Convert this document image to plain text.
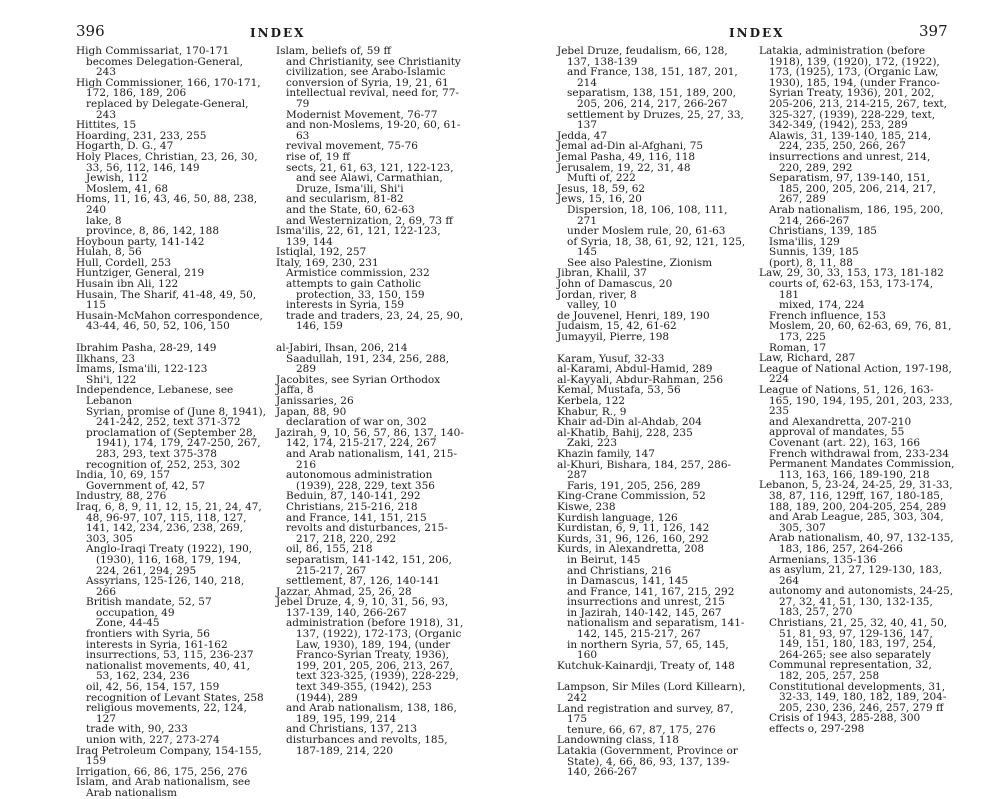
396	INDEX

High Commissariat, 170-171

becomes Delegation-General, 243

High Commissioner, 166, 170-171, 172, 186, 189, 206

replaced by Delegate-General, 243

Hittites, 15

Hoarding, 231, 233, 255

Hogarth, D. G., 47

Holy Places, Christian, 23, 26, 30, 33, 56, 112, 146, 149

Jewish, 112

Moslem, 41, 68

Homs, 11, 16, 43, 46, 50, 88, 238, 240

lake, 8

province, 8, 86, 142, 188

Hoyboun party, 141-142

Hulah, 8, 56

Hull, Cordell, 253

Huntziger, General, 219

Husain ibn Ali, 122

Husain, The Sharif, 41-48, 49, 50, 115

Husain-McMahon correspondence, 43-44, 46, 50, 52, 106, 150

Ibrahim Pasha, 28-29, 149

Ilkhans, 23

Imams, Isma'ili, 122-123

Shi'i, 122

Independence, Lebanese, see Lebanon

Syrian, promise of (June 8, 1941), 241-242, 252, text 371-372

proclamation of (September 28, 1941), 174, 179, 247-250, 267, 283, 293, text 375-378

recognition of, 252, 253, 302

India, 10, 69, 157

Government of, 42, 57

Industry, 88, 276

Iraq, 6, 8, 9, 11, 12, 15, 21, 24, 47, 48, 96-97, 107, 115, 118, 127, 141, 142, 234, 236, 238, 269, 303, 305

Anglo-Iraqi Treaty (1922), 190, (1930), 116, 168, 179, 194, 224, 261, 294, 295

Assyrians, 125-126, 140, 218, 266

British mandate, 52, 57

occupation, 49

Zone, 44-45

frontiers with Syria, 56

interests in Syria, 161-162

insurrections, 53, 115, 236-237

nationalist movements, 40, 41, 53, 162, 234, 236

oil, 42, 56, 154, 157, 159

recognition of Levant States, 258

religious movements, 22, 124, 127

trade with, 90, 233

union with, 227, 273-274

Iraq Petroleum Company, 154-155, 159

Irrigation, 66, 86, 175, 256, 276

Islam, and Arab nationalism, see Arab nationalism

Islam, beliefs of, 59 ff

and Christianity, see Christianity

civilization, see Arabo-Islamic

conversion of Syria, 19, 21, 61

intellectual revival, need for, 77-79

Modernist Movement, 76-77

and non-Moslems, 19-20, 60, 61-63

revival movement, 75-76

rise of, 19 ff

sects, 21, 61, 63, 121, 122-123, and see Alawi, Carmathian, Druze, Isma'ili, Shi'i

and secularism, 81-82

and the State, 60, 62-63

and Westernization, 2, 69, 73 ff

Isma'ilis, 22, 61, 121, 122-123, 139, 144

Istiqlal, 192, 257

Italy, 169, 230, 231

Armistice commission, 232

attempts to gain Catholic protection, 33, 150, 159

interests in Syria, 159

trade and traders, 23, 24, 25, 90, 146, 159

al-Jabiri, Ihsan, 206, 214

Saadullah, 191, 234, 256, 288, 289

Jacobites, see Syrian Orthodox

Jaffa, 8

Janissaries, 26

Japan, 88, 90

declaration of war on, 302

Jazirah, 9, 10, 56, 57, 86, 137, 140-142, 174, 215-217, 224, 267

and Arab nationalism, 141, 215-216

autonomous administration (1939), 228, 229, text 356

Beduin, 87, 140-141, 292

Christians, 215-216, 218

and France, 141, 151, 215

revolts and disturbances, 215-217, 218, 220, 292

oil, 86, 155, 218

separatism, 141-142, 151, 206, 215-217, 267

settlement, 87, 126, 140-141

Jazzar, Ahmad, 25, 26, 28

Jebel Druze, 4, 9, 10, 31, 56, 93, 137-139, 140, 266-267

administration (before 1918), 31, 137, (1922), 172-173, (Organic Law, 1930), 189, 194, (under Franco-Syrian Treaty, 1936), 199, 201, 205, 206, 213, 267, text 323-325, (1939), 228-229, text 349-355, (1942), 253 (1944), 289

and Arab nationalism, 138, 186, 189, 195, 199, 214

and Christians, 137, 213

disturbances and revolts, 185, 187-189, 214, 220

INDEX	397

Jebel Druze, feudalism, 66, 128, 137, 138-139

and France, 138, 151, 187, 201, 214

separatism, 138, 151, 189, 200, 205, 206, 214, 217, 266-267

settlement by Druzes, 25, 27, 33, 137

Jedda, 47

Jemal ad-Din al-Afghani, 75

Jemal Pasha, 49, 116, 118

Jerusalem, 19, 22, 31, 48

Mufti of, 222

Jesus, 18, 59, 62

Jews, 15, 16, 20

Dispersion, 18, 106, 108, 111, 271

under Moslem rule, 20, 61-63

of Syria, 18, 38, 61, 92, 121, 125, 145

See also Palestine, Zionism

Jibran, Khalil, 37

John of Damascus, 20

Jordan, river, 8

valley, 10

de Jouvenel, Henri, 189, 190

Judaism, 15, 42, 61-62

Jumayyil, Pierre, 198

Karam, Yusuf, 32-33

al-Karami, Abdul-Hamid, 289

al-Kayyali, Abdur-Rahman, 256

Kemal, Mustafa, 53, 56

Kerbela, 122

Khabur, R., 9

Khair ad-Din al-Ahdab, 204

al-Khatib, Bahij, 228, 235

Zaki, 223

Khazin family, 147

al-Khuri, Bishara, 184, 257, 286-287

Faris, 191, 205, 256, 289

King-Crane Commission, 52

Kiswe, 238

Kurdish language, 126

Kurdistan, 6, 9, 11, 126, 142

Kurds, 31, 96, 126, 160, 292

Kurds, in Alexandretta, 208

in Beirut, 145

and Christians, 216

in Damascus, 141, 145

and France, 141, 167, 215, 292

insurrections and unrest, 215

in Jazirah, 140-142, 145, 267

nationalism and separatism, 141-142, 145, 215-217, 267

in northern Syria, 57, 65, 145, 160

Kutchuk-Kainardji, Treaty of, 148

Lampson, Sir Miles (Lord Killearn), 242

Land registration and survey, 87, 175

tenure, 66, 67, 87, 175, 276

Landowning class, 118

Latakia (Government, Province or State), 4, 66, 86, 93, 137, 139-140, 266-267

Latakia, administration (before 1918), 139, (1920), 172, (1922), 173, (1925), 173, (Organic Law, 1930), 185, 194, (under Franco-Syrian Treaty, 1936), 201, 202, 205-206, 213, 214-215, 267, text, 325-327, (1939), 228-229, text, 342-349, (1942), 253, 289

Alawis, 31, 139-140, 185, 214, 224, 235, 250, 266, 267

insurrections and unrest, 214, 220, 289, 292

Separatism, 97, 139-140, 151, 185, 200, 205, 206, 214, 217, 267, 289

Arab nationalism, 186, 195, 200, 214, 266-267

Christians, 139, 185

Isma'ilis, 129

Sunnis, 139, 185

(port), 8, 11, 88

Law, 29, 30, 33, 153, 173, 181-182

courts of, 62-63, 153, 173-174, 181

mixed, 174, 224

French influence, 153

Moslem, 20, 60, 62-63, 69, 76, 81, 173, 225

Roman, 17

Law, Richard, 287

League of National Action, 197-198, 224

League of Nations, 51, 126, 163-165, 190, 194, 195, 201, 203, 233, 235

and Alexandretta, 207-210

approval of mandates, 55

Covenant (art. 22), 163, 166

French withdrawal from, 233-234

Permanent Mandates Commission, 113, 163, 166, 189-190, 218

Lebanon, 5, 23-24, 24-25, 29, 31-33, 38, 87, 116, 129ff, 167, 180-185, 188, 189, 200, 204-205, 254, 289

and Arab League, 285, 303, 304, 305, 307

Arab nationalism, 40, 97, 132-135, 183, 186, 257, 264-266

Armenians, 135-136

as asylum, 21, 27, 129-130, 183, 264

autonomy and autonomists, 24-25, 27, 32, 41, 51, 130, 132-135, 183, 257, 270

Christians, 21, 25, 32, 40, 41, 50, 51, 81, 93, 97, 129-136, 147, 149, 151, 180, 183, 197, 254, 264-265; see also separately

Communal representation, 32, 182, 205, 257, 258

Constitutional developments, 31, 32-33, 149, 180, 182, 189, 204-205, 230, 236, 246, 257, 279 ff

Crisis of 1943, 285-288, 300

effects o, 297-298
